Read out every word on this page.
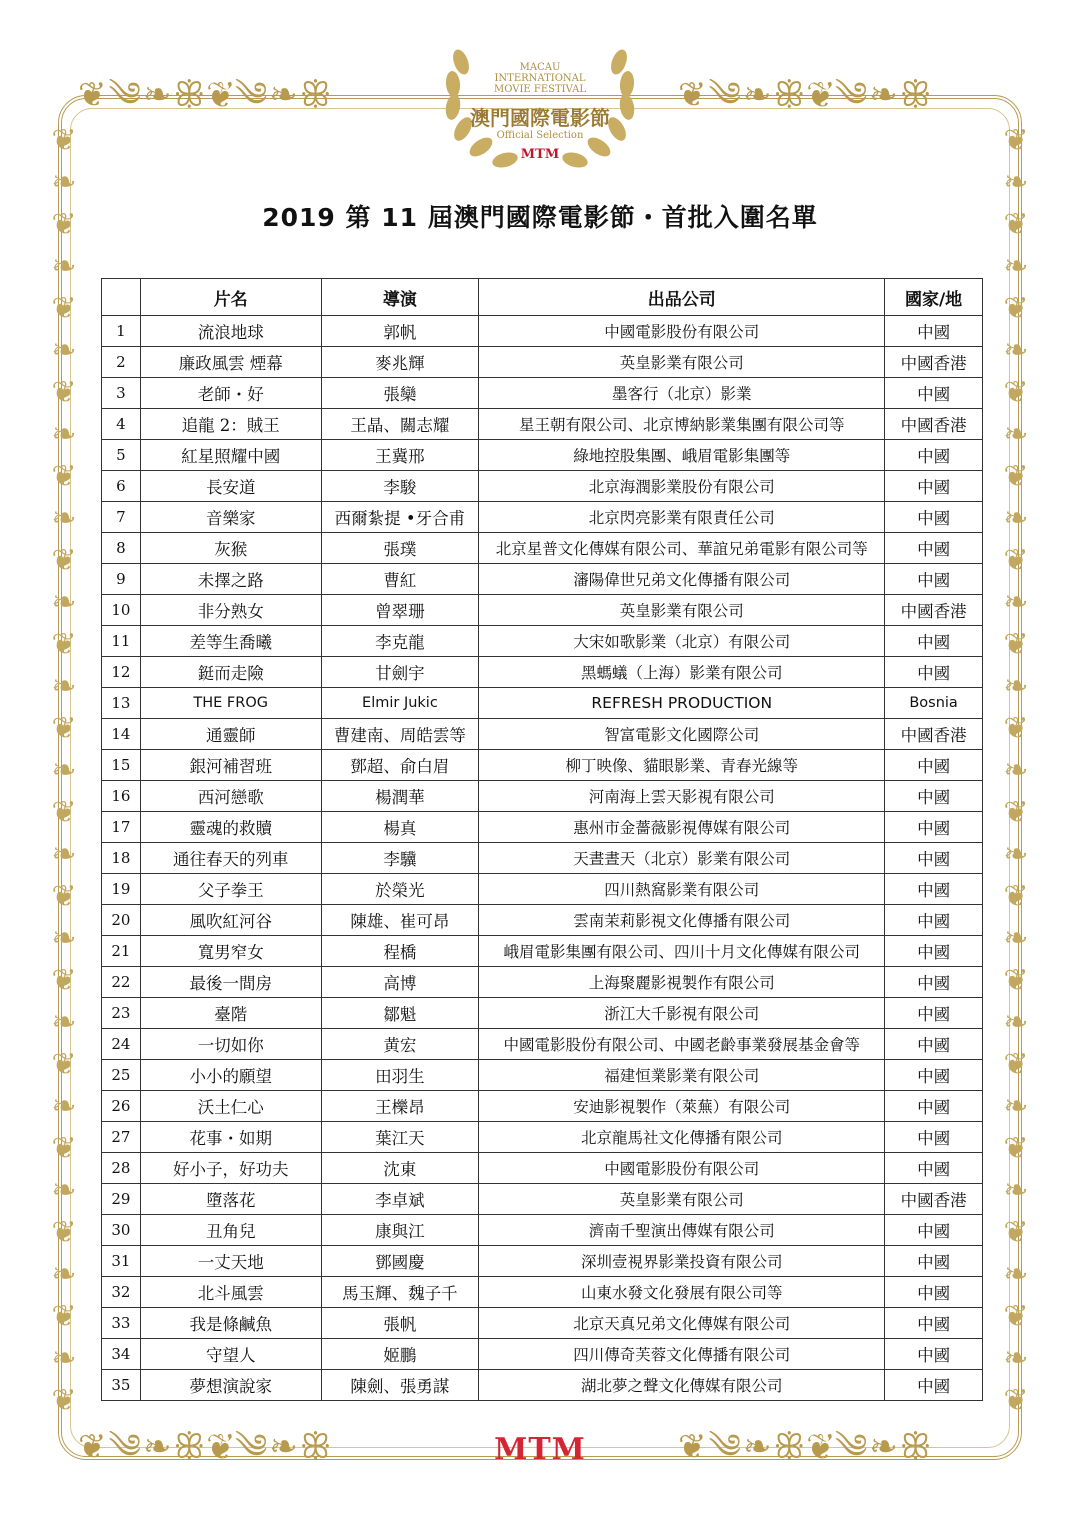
❦༄❧ꕥ❦༄❧ꕥ	❦༄❧ꕥ❦༄❧ꕥ
❦༄❧ꕥ❦༄❧ꕥ	❦༄❧ꕥ❦༄❧ꕥ
❦
❧
❦
❧
❦
❧
❦
❧
❦
❧
❦
❧
❦
❧
❦
❧
❦
❧
❦
❧
❦
❧
❦
❧
❦
❧
❦
❧
❦
❧
❦
❦
❧
❦
❧
❦
❧
❦
❧
❦
❧
❦
❧
❦
❧
❦
❧
❦
❧
❦
❧
❦
❧
❦
❧
❦
❧
❦
❧
❦
❧
❦
MACAU
INTERNATIONAL
MOVIE FESTIVAL
澳門國際電影節
Official Selection
MTM
2019 第 11 屆澳門國際電影節・首批入圍名單
	片名	導演	出品公司	國家/地
1	流浪地球	郭帆	中國電影股份有限公司	中國
2	廉政風雲 煙幕	麥兆輝	英皇影業有限公司	中國香港
3	老師・好	張欒	墨客行（北京）影業	中國
4	追龍 2：賊王	王晶、關志耀	星王朝有限公司、北京博納影業集團有限公司等	中國香港
5	紅星照耀中國	王冀邢	綠地控股集團、峨眉電影集團等	中國
6	長安道	李駿	北京海潤影業股份有限公司	中國
7	音樂家	西爾紮提 •牙合甫	北京閃亮影業有限責任公司	中國
8	灰猴	張璞	北京星普文化傳媒有限公司、華誼兄弟電影有限公司等	中國
9	未擇之路	曹紅	瀋陽偉世兄弟文化傳播有限公司	中國
10	非分熟女	曾翠珊	英皇影業有限公司	中國香港
11	差等生喬曦	李克龍	大宋如歌影業（北京）有限公司	中國
12	鋌而走險	甘劍宇	黑螞蟻（上海）影業有限公司	中國
13	THE FROG	Elmir Jukic	REFRESH PRODUCTION	Bosnia
14	通靈師	曹建南、周皓雲等	智富電影文化國際公司	中國香港
15	銀河補習班	鄧超、俞白眉	柳丁映像、貓眼影業、青春光線等	中國
16	西河戀歌	楊潤華	河南海上雲天影視有限公司	中國
17	靈魂的救贖	楊真	惠州市金薔薇影視傳媒有限公司	中國
18	通往春天的列車	李驥	天晝晝天（北京）影業有限公司	中國
19	父子拳王	於榮光	四川熱窩影業有限公司	中國
20	風吹紅河谷	陳雄、崔可昂	雲南茉莉影視文化傳播有限公司	中國
21	寬男窄女	程橋	峨眉電影集團有限公司、四川十月文化傳媒有限公司	中國
22	最後一間房	高博	上海聚麗影視製作有限公司	中國
23	臺階	鄒魁	浙江大千影視有限公司	中國
24	一切如你	黄宏	中國電影股份有限公司、中國老齡事業發展基金會等	中國
25	小小的願望	田羽生	福建恒業影業有限公司	中國
26	沃土仁心	王櫟昂	安迪影視製作（萊蕪）有限公司	中國
27	花事・如期	葉江天	北京龍馬社文化傳播有限公司	中國
28	好小子，好功夫	沈東	中國電影股份有限公司	中國
29	墮落花	李卓斌	英皇影業有限公司	中國香港
30	丑角兒	康與江	濟南千聖演出傳媒有限公司	中國
31	一丈天地	鄧國慶	深圳壹視界影業投資有限公司	中國
32	北斗風雲	馬玉輝、魏子千	山東水發文化發展有限公司等	中國
33	我是條鹹魚	張帆	北京天真兄弟文化傳媒有限公司	中國
34	守望人	姬鵬	四川傳奇芙蓉文化傳播有限公司	中國
35	夢想演說家	陳劍、張勇謀	湖北夢之聲文化傳媒有限公司	中國
MTM
